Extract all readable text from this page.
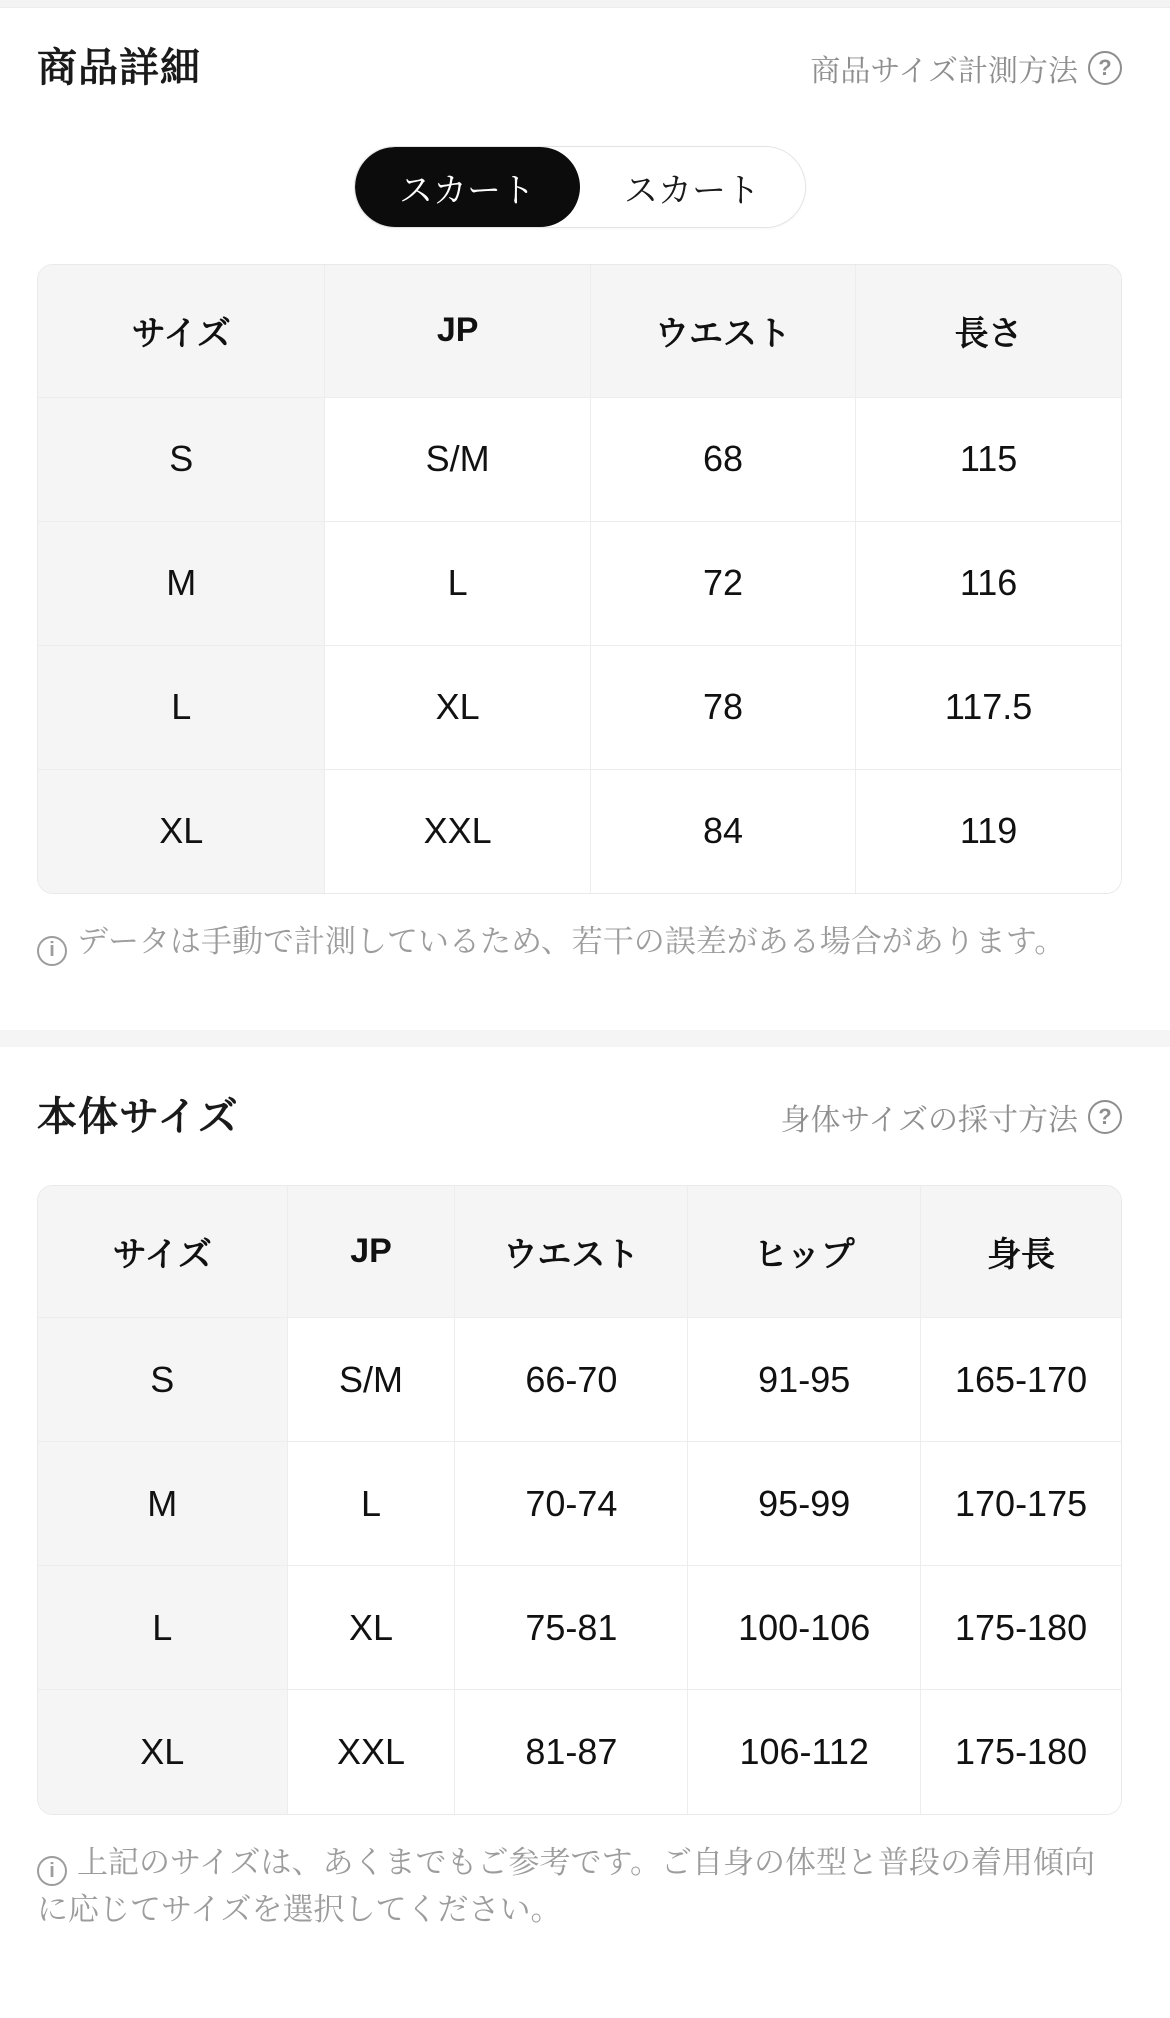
商品詳細	商品サイズ計測方法 ?
スカート	スカート
サイズ	JP	ウエスト	長さ
S	S/M	68	115
M	L	72	116
L	XL	78	117.5
XL	XXL	84	119

i データは手動で計測しているため、若干の誤差がある場合があります。

本体サイズ	身体サイズの採寸方法 ?
サイズ	JP	ウエスト	ヒップ	身長
S	S/M	66-70	91-95	165-170
M	L	70-74	95-99	170-175
L	XL	75-81	100-106	175-180
XL	XXL	81-87	106-112	175-180

i 上記のサイズは、あくまでもご参考です。ご自身の体型と普段の着用傾向に応じてサイズを選択してください。
